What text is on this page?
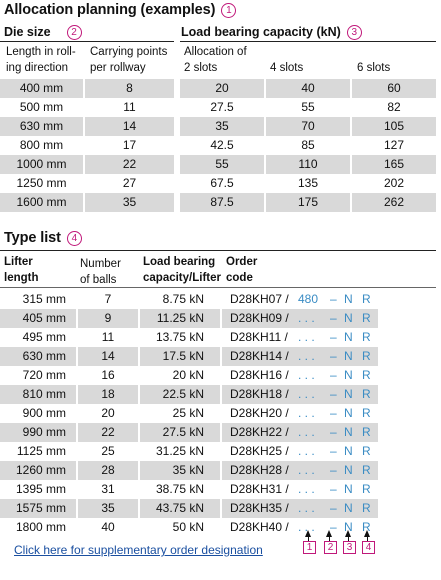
Allocation planning (examples) 1
Die size 2	Load bearing capacity (kN) 3
Length in roll-
ing direction
Carrying points
per rollway
Allocation of
2 slots	4 slots	6 slots
400 mm	8	20	40	60
500 mm	11	27.5	55	82
630 mm	14	35	70	105
800 mm	17	42.5	85	127
1000 mm	22	55	110	165
1250 mm	27	67.5	135	202
1600 mm	35	87.5	175	262
Type list 4
Lifter
length
Number
of balls
Load bearing
capacity/Lifter
Order
code
315 mm	7	8.75 kN D28KH07 / 480 – N R
405 mm	9	11.25 kN D28KH09 / . . . – N R
495 mm	11	13.75 kN D28KH11 / . . . – N R
630 mm	14	17.5 kN D28KH14 / . . . – N R
720 mm	16	20 kN D28KH16 / . . . – N R
810 mm	18	22.5 kN D28KH18 / . . . – N R
900 mm	20	25 kN D28KH20 / . . . – N R
990 mm	22	27.5 kN D28KH22 / . . . – N R
1125 mm	25	31.25 kN D28KH25 / . . . – N R
1260 mm	28	35 kN D28KH28 / . . . – N R
1395 mm	31	38.75 kN D28KH31 / . . . – N R
1575 mm	35	43.75 kN D28KH35 / . . . – N R
1800 mm	40	50 kN D28KH40 / . . . – N R
Click here for supplementary order designation	1	2	3	4
